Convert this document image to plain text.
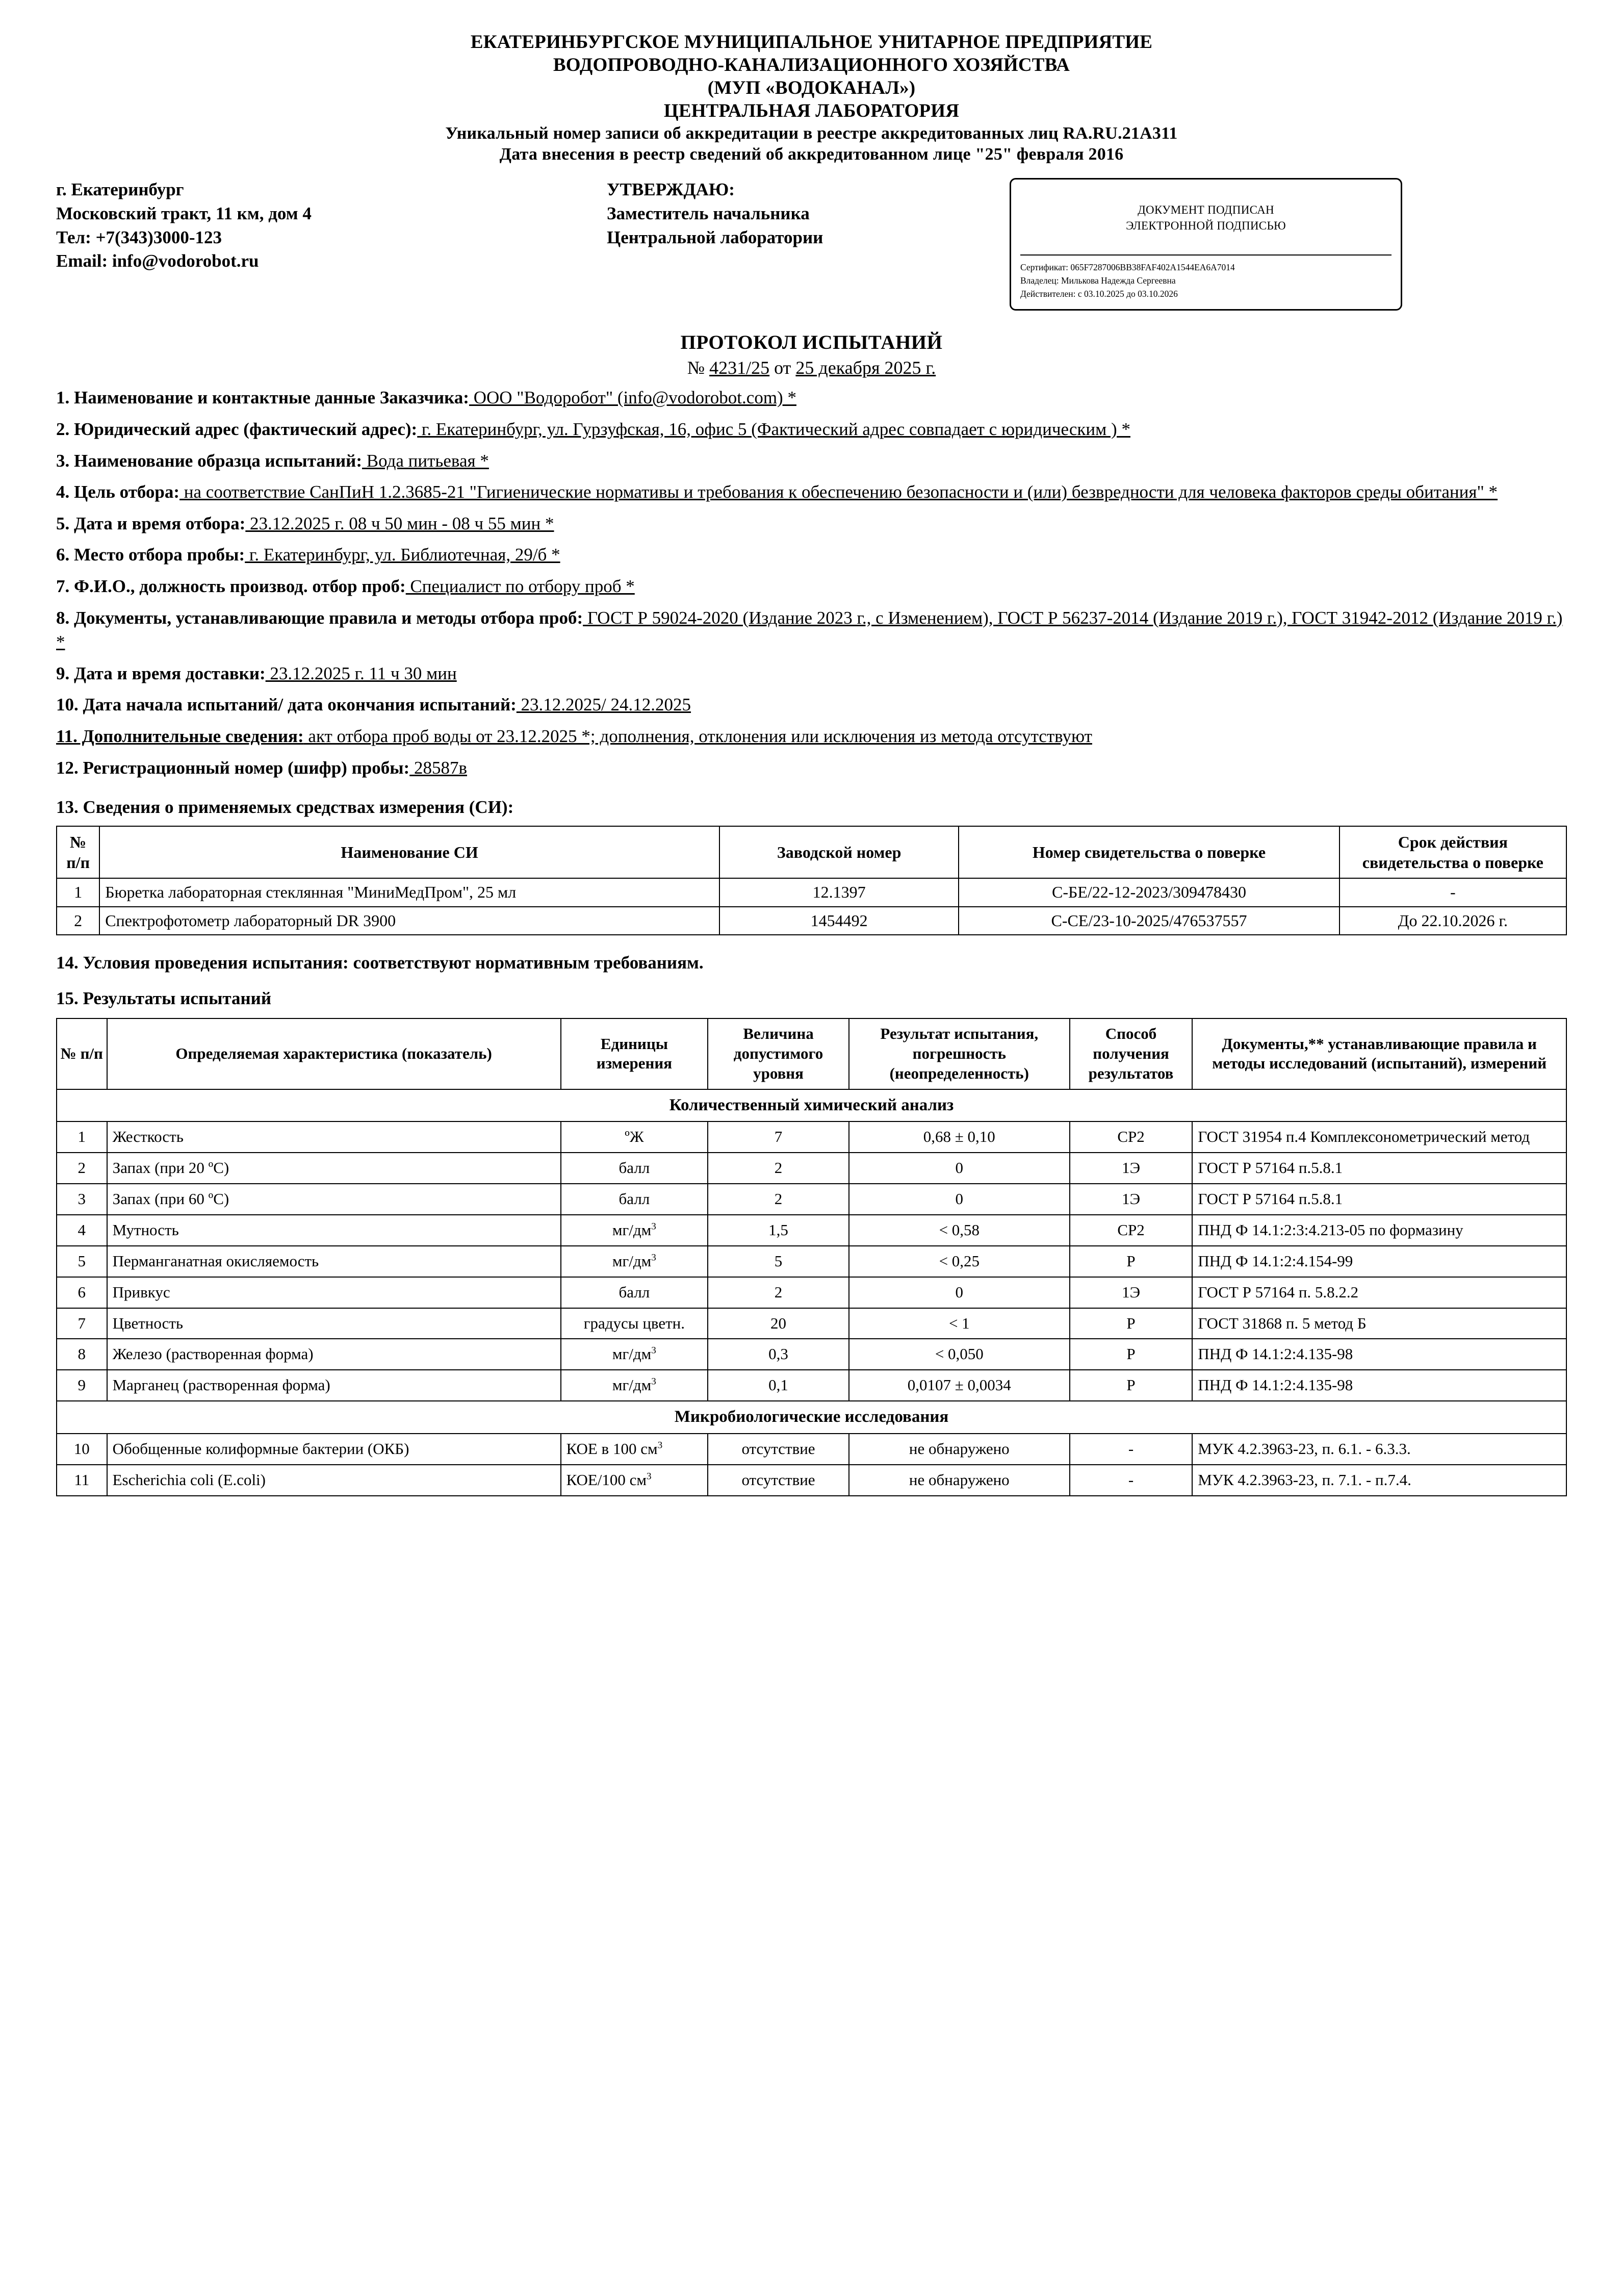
ЕКАТЕРИНБУРГСКОЕ МУНИЦИПАЛЬНОЕ УНИТАРНОЕ ПРЕДПРИЯТИЕ
ВОДОПРОВОДНО-КАНАЛИЗАЦИОННОГО ХОЗЯЙСТВА
(МУП «ВОДОКАНАЛ»)
ЦЕНТРАЛЬНАЯ ЛАБОРАТОРИЯ
Уникальный номер записи об аккредитации в реестре аккредитованных лиц RA.RU.21А311
Дата внесения в реестр сведений об аккредитованном лице "25" февраля 2016
г. Екатеринбург
Московский тракт, 11 км, дом 4
Тел: +7(343)3000-123
Email: info@vodorobot.ru
УТВЕРЖДАЮ:
Заместитель начальника
Центральной лаборатории
ДОКУМЕНТ ПОДПИСАН
ЭЛЕКТРОННОЙ ПОДПИСЬЮ
Сертификат: 065F7287006BB38FAF402A1544EA6A7014
Владелец: Милькова Надежда Сергеевна
Действителен: с 03.10.2025 до 03.10.2026
ПРОТОКОЛ ИСПЫТАНИЙ
№ 4231/25 от 25 декабря 2025 г.
1. Наименование и контактные данные Заказчика: ООО "Водоробот" (info@vodorobot.com) *
2. Юридический адрес (фактический адрес): г. Екатеринбург, ул. Гурзуфская, 16, офис 5 (Фактический адрес совпадает с юридическим ) *
3. Наименование образца испытаний: Вода питьевая *
4. Цель отбора: на соответствие СанПиН 1.2.3685-21 "Гигиенические нормативы и требования к обеспечению безопасности и (или) безвредности для человека факторов среды обитания" *
5. Дата и время отбора: 23.12.2025 г. 08 ч 50 мин - 08 ч 55 мин *
6. Место отбора пробы: г. Екатеринбург, ул. Библиотечная, 29/б *
7. Ф.И.О., должность производ. отбор проб: Специалист по отбору проб *
8. Документы, устанавливающие правила и методы отбора проб: ГОСТ Р 59024-2020 (Издание 2023 г., с Изменением), ГОСТ Р 56237-2014 (Издание 2019 г.), ГОСТ 31942-2012 (Издание 2019 г.) *
9. Дата и время доставки: 23.12.2025 г. 11 ч 30 мин
10. Дата начала испытаний/ дата окончания испытаний: 23.12.2025/ 24.12.2025
11. Дополнительные сведения: акт отбора проб воды от 23.12.2025 *; дополнения, отклонения или исключения из метода отсутствуют
12. Регистрационный номер (шифр) пробы: 28587в
13. Сведения о применяемых средствах измерения (СИ):
№ п/п	Наименование СИ	Заводской номер	Номер свидетельства о поверке	Срок действия свидетельства о поверке
1	Бюретка лабораторная стеклянная "МиниМедПром", 25 мл	12.1397	С-БЕ/22-12-2023/309478430	-
2	Спектрофотометр лабораторный DR 3900	1454492	С-СЕ/23-10-2025/476537557	До 22.10.2026 г.
14. Условия проведения испытания: соответствуют нормативным требованиям.
15. Результаты испытаний
№ п/п	Определяемая характеристика (показатель)	Единицы измерения	Величина допустимого уровня	Результат испытания, погрешность (неопределенность)	Способ получения результатов	Документы,** устанавливающие правила и методы исследований (испытаний), измерений
Количественный химический анализ						
1	Жесткость	ºЖ	7	0,68 ± 0,10	СР2	ГОСТ 31954 п.4 Комплексонометрический метод
2	Запах (при 20 ºС)	балл	2	0	1Э	ГОСТ Р 57164 п.5.8.1
3	Запах (при 60 ºС)	балл	2	0	1Э	ГОСТ Р 57164 п.5.8.1
4	Мутность	$мг/дм^3$	1,5	< 0,58	СР2	ПНД Ф 14.1:2:3:4.213-05 по формазину
5	Перманганатная окисляемость	$мг/дм^3$	5	< 0,25	Р	ПНД Ф 14.1:2:4.154-99
6	Привкус	балл	2	0	1Э	ГОСТ Р 57164 п. 5.8.2.2
7	Цветность	градусы цветн.	20	< 1	Р	ГОСТ 31868 п. 5 метод Б
8	Железо (растворенная форма)	$мг/дм^3$	0,3	< 0,050	Р	ПНД Ф 14.1:2:4.135-98
9	Марганец (растворенная форма)	$мг/дм^3$	0,1	0,0107 ± 0,0034	Р	ПНД Ф 14.1:2:4.135-98
Микробиологические исследования						
10	Обобщенные колиформные бактерии (ОКБ)	КОЕ в 100 $см^3$	отсутствие	не обнаружено	-	МУК 4.2.3963-23, п. 6.1. - 6.3.3.
11	Escherichia coli (E.coli)	КОЕ/100 $см^3$	отсутствие	не обнаружено	-	МУК 4.2.3963-23, п. 7.1. - п.7.4.
